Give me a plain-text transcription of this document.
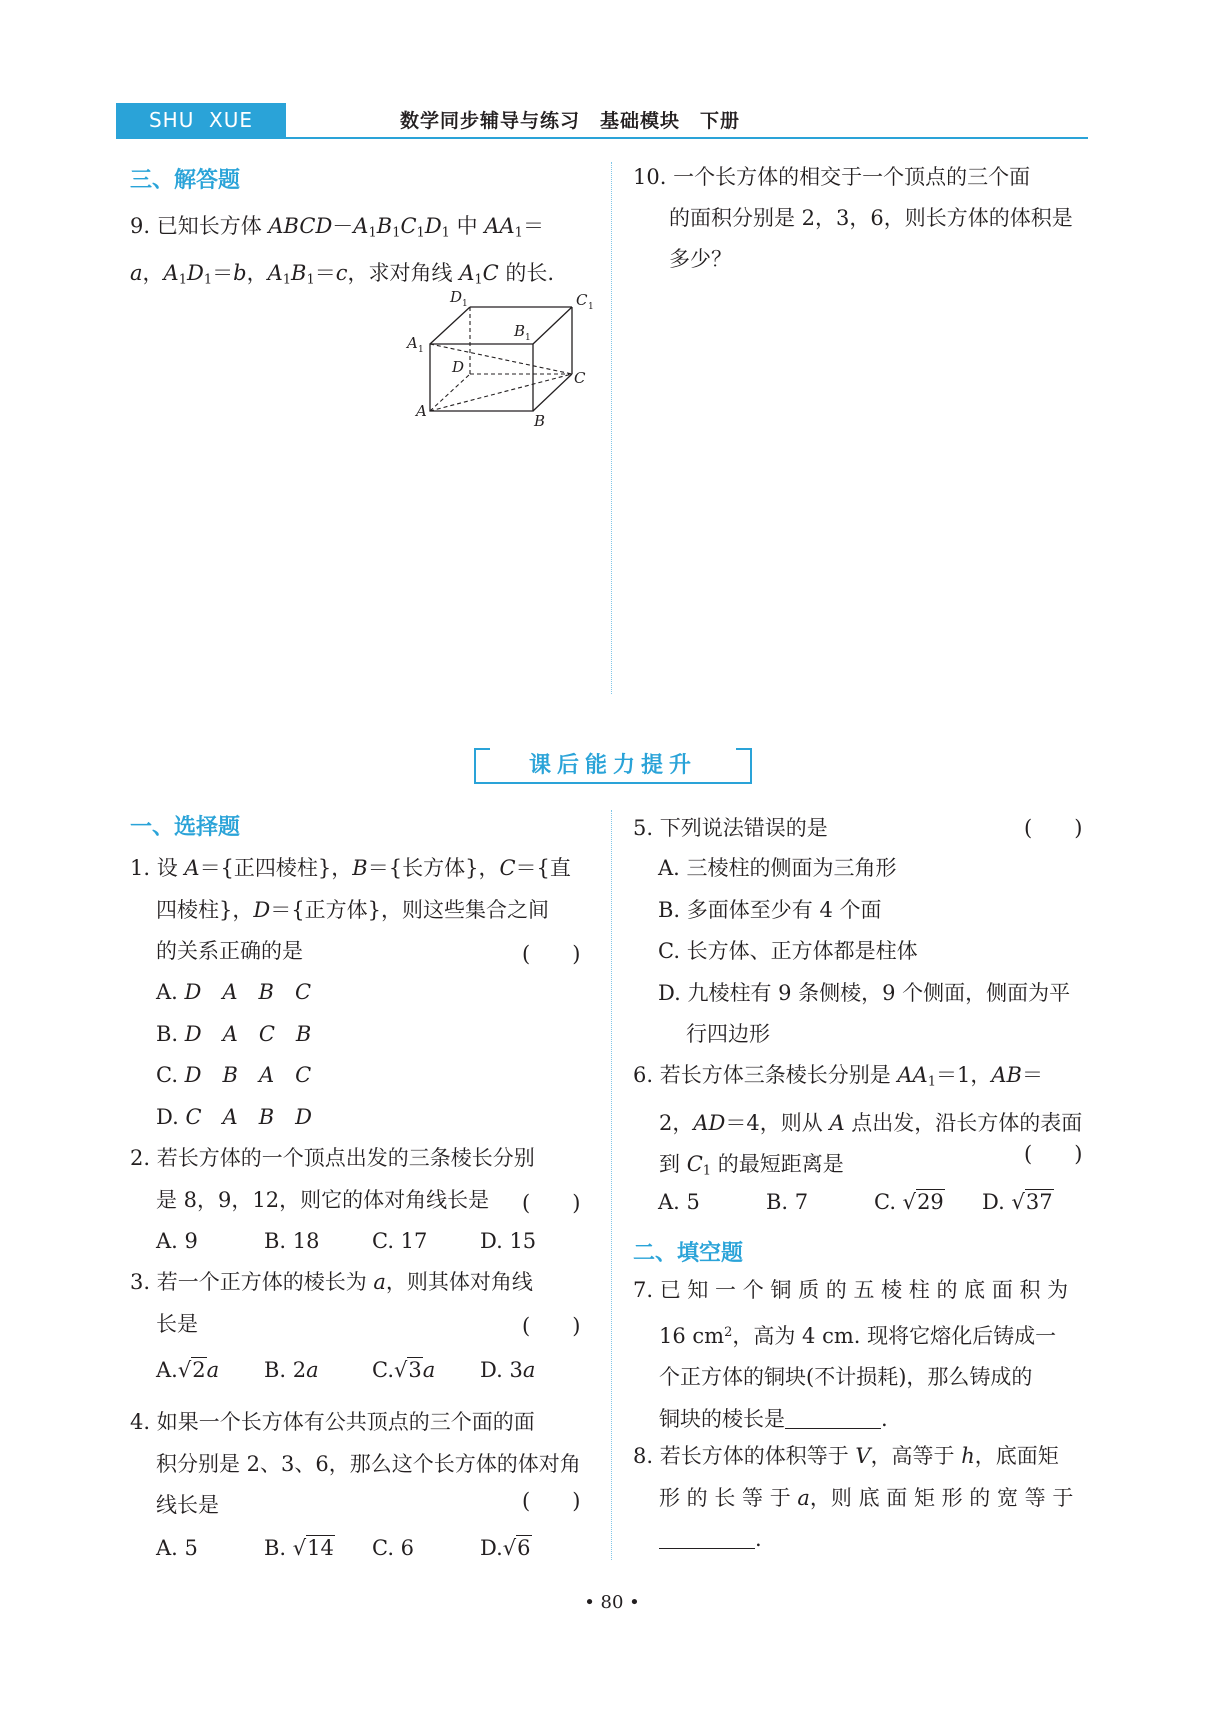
SHU  XUE	数学同步辅导与练习　基础模块　下册
三、解答题
9. 已知长方体 $ABCD-A_1B_1C_1D_1$ 中 $AA_1=$
a，$A_1D_1=b$，$A_1B_1=c$，求对角线 $A_1C$ 的长.
D 1	C 1
A 1
B 1
D
C
A
B
10. 一个长方体的相交于一个顶点的三个面
的面积分别是 2，3，6，则长方体的体积是
多少？
课后能力提升
一、选择题
1. 设 A＝{正四棱柱}，B＝{长方体}，C＝{直
四棱柱}，D＝{正方体}，则这些集合之间
的关系正确的是	(　　)
A. D　 A　 B　 C
B. D　 A　 C　 B
C. D　 B　 A　 C
D. C　 A　 B　 D
2. 若长方体的一个顶点出发的三条棱长分别
是 8，9，12，则它的体对角线长是	(　　)
A. 9	B. 18 C. 17	D. 15
3. 若一个正方体的棱长为 a，则其体对角线
长是	(　　)
A.√2a B. 2a	C.√3a D. 3a
4. 如果一个长方体有公共顶点的三个面的面
积分别是 2、3、6，那么这个长方体的体对角
线长是	(　　)
A. 5	B. √14 C. 6	D.√6
5. 下列说法错误的是	(　　)
A. 三棱柱的侧面为三角形
B. 多面体至少有 4 个面
C. 长方体、正方体都是柱体
D. 九棱柱有 9 条侧棱，9 个侧面，侧面为平
行四边形
6. 若长方体三条棱长分别是 $AA_1=1$，AB＝
2，AD＝4，则从 A 点出发，沿长方体的表面
到 $C_1$ 的最短距离是	(　　)
A. 5	B. 7	C. √29 D. √37
二、填空题
7. 已 知 一 个 铜 质 的 五 棱 柱 的 底 面 积 为
16 $cm^2$，高为 4 cm. 现将它熔化后铸成一
个正方体的铜块(不计损耗)，那么铸成的
铜块的棱长是	.
8. 若长方体的体积等于 V，高等于 h，底面矩
形 的 长 等 于 a，则 底 面 矩 形 的 宽 等 于
.
• 80 •
